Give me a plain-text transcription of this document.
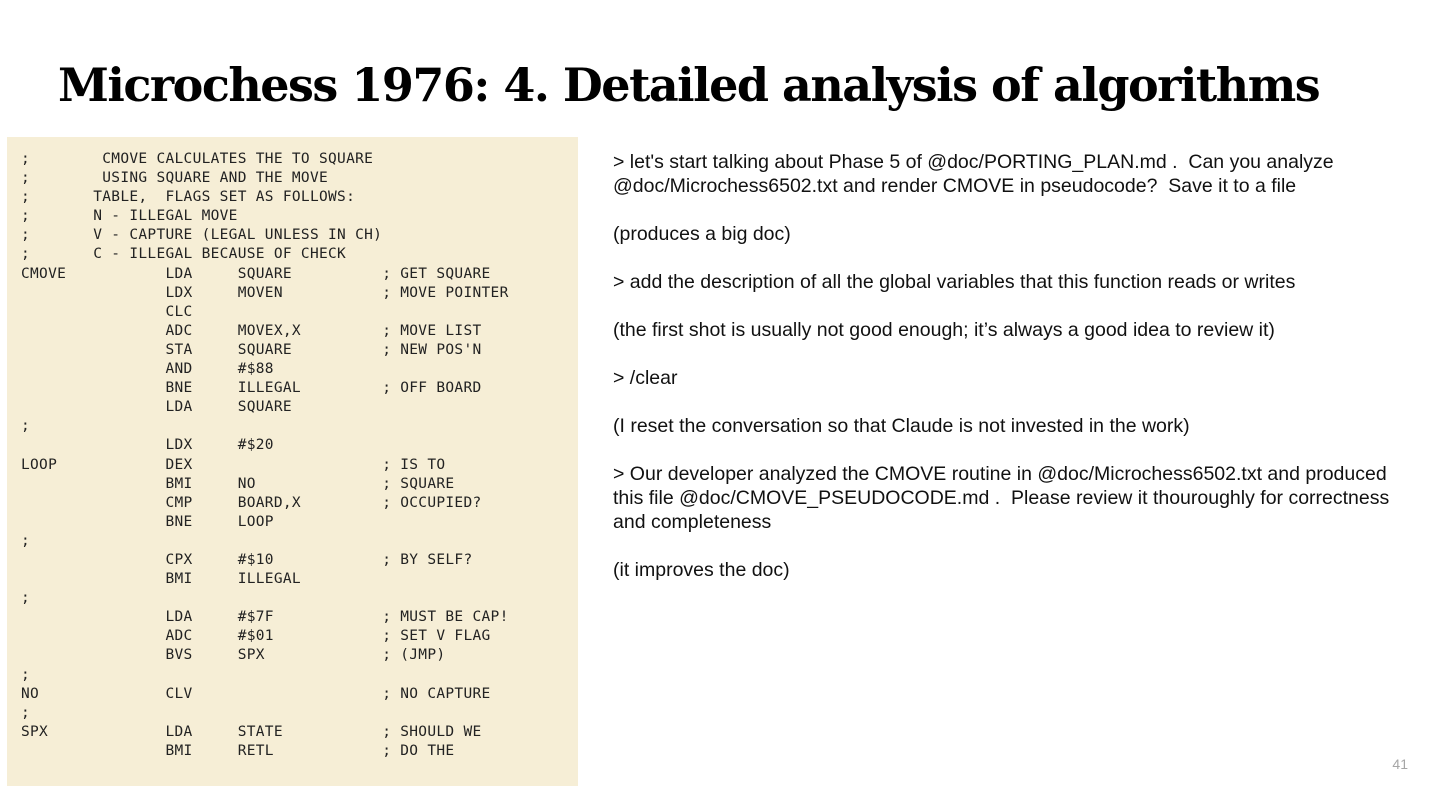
Microchess 1976: 4. Detailed analysis of algorithms
;        CMOVE CALCULATES THE TO SQUARE
;        USING SQUARE AND THE MOVE
;       TABLE,  FLAGS SET AS FOLLOWS:
;       N - ILLEGAL MOVE
;       V - CAPTURE (LEGAL UNLESS IN CH)
;       C - ILLEGAL BECAUSE OF CHECK
CMOVE           LDA     SQUARE          ; GET SQUARE
LDX     MOVEN           ; MOVE POINTER
CLC
ADC     MOVEX,X         ; MOVE LIST
STA     SQUARE          ; NEW POS'N
AND     #$88
BNE     ILLEGAL         ; OFF BOARD
LDA     SQUARE
;
LDX     #$20
LOOP            DEX                     ; IS TO
BMI     NO              ; SQUARE
CMP     BOARD,X         ; OCCUPIED?
BNE     LOOP
;
CPX     #$10            ; BY SELF?
BMI     ILLEGAL
;
LDA     #$7F            ; MUST BE CAP!
ADC     #$01            ; SET V FLAG
BVS     SPX             ; (JMP)
;
NO              CLV                     ; NO CAPTURE
;
SPX             LDA     STATE           ; SHOULD WE
BMI     RETL            ; DO THE

> let's start talking about Phase 5 of @doc/PORTING_PLAN.md .  Can you analyze @doc/Microchess6502.txt and render CMOVE in pseudocode?  Save it to a file

(produces a big doc)

> add the description of all the global variables that this function reads or writes

(the first shot is usually not good enough; it’s always a good idea to review it)

> /clear

(I reset the conversation so that Claude is not invested in the work)

> Our developer analyzed the CMOVE routine in @doc/Microchess6502.txt and produced this file @doc/CMOVE_PSEUDOCODE.md .  Please review it thouroughly for correctness and completeness

(it improves the doc)

41
